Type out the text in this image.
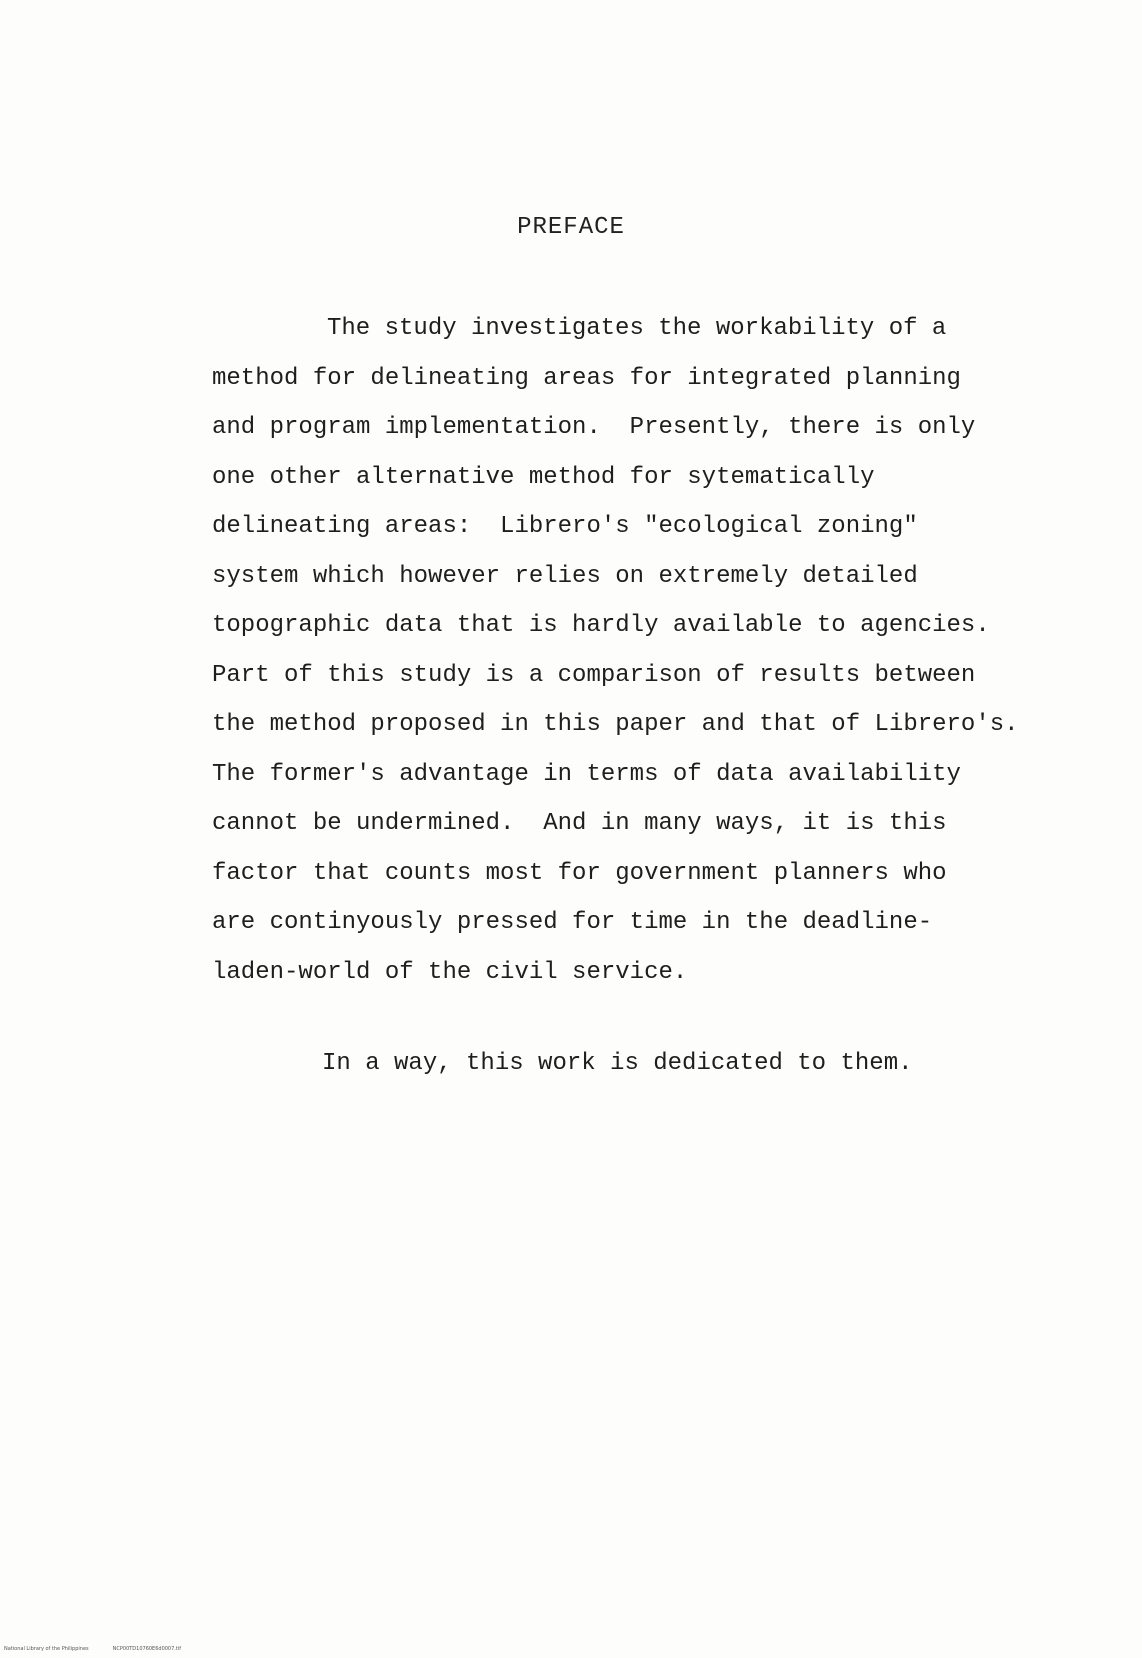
PREFACE
The study investigates the workability of a
method for delineating areas for integrated planning
and program implementation.  Presently, there is only
one other alternative method for sytematically
delineating areas:  Librero's "ecological zoning"
system which however relies on extremely detailed
topographic data that is hardly available to agencies.
Part of this study is a comparison of results between
the method proposed in this paper and that of Librero's.
The former's advantage in terms of data availability
cannot be undermined.  And in many ways, it is this
factor that counts most for government planners who
are continyously pressed for time in the deadline-
laden-world of the civil service.
In a way, this work is dedicated to them.
National Library of the Philippines	NCP00TD10760E6d0007.tif
